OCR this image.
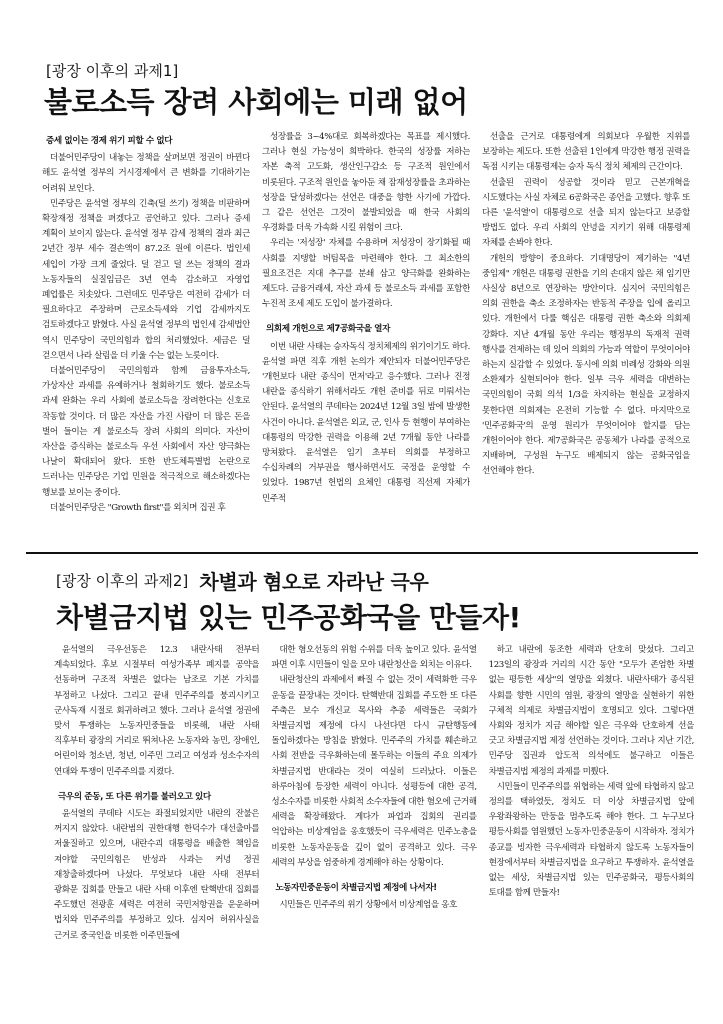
[광장 이후의 과제1]
불로소득 장려 사회에는 미래 없어
증세 없이는 경제 위기 피할 수 없다

더불어민주당이 내놓는 정책을 살펴보면 정권이 바뀐다 해도 윤석열 정부의 거시경제에서 큰 변화를 기대하기는 어려워 보인다.

민주당은 윤석열 정부의 긴축(덜 쓰기) 정책을 비판하며 확장재정 정책을 펴겠다고 공언하고 있다. 그러나 증세 계획이 보이지 않는다. 윤석열 정부 감세 정책의 결과 최근 2년간 정부 세수 결손액이 87.2조 원에 이른다. 법인세 세입이 가장 크게 줄었다. 덜 걷고 덜 쓰는 정책의 결과 노동자들의 실질임금은 3년 연속 감소하고 자영업 폐업률은 치솟았다. 그런데도 민주당은 여전히 감세가 더 필요하다고 주장하며 근로소득세와 기업 감세까지도 검토하겠다고 밝혔다. 사실 윤석열 정부의 법인세 감세법안 역시 민주당이 국민의힘과 합의 처리했었다. 세금은 덜 걷으면서 나라 살림을 더 키울 수는 없는 노릇이다.

더불어민주당이 국민의힘과 함께 금융투자소득, 가상자산 과세를 유예하거나 철회하기도 했다. 불로소득 과세 완화는 우리 사회에 불로소득을 장려한다는 신호로 작동할 것이다. 더 많은 자산을 가진 사람이 더 많은 돈을 벌어 들이는 게 불로소득 장려 사회의 의미다. 자산이 자산을 증식하는 불로소득 우선 사회에서 자산 양극화는 나날이 확대되어 왔다. 또한 반도체특별법 논란으로 드러나는 민주당은 기업 민원을 적극적으로 해소하겠다는 행보를 보이는 중이다.

더불어민주당은 "Growth first"를 외치며 집권 후

성장률을 3~4%대로 회복하겠다는 목표를 제시했다. 그러나 현실 가능성이 희박하다. 한국의 성장률 저하는 자본 축적 고도화, 생산인구감소 등 구조적 원인에서 비롯된다. 구조적 원인을 놓아둔 채 잠재성장률을 초과하는 성장을 달성하겠다는 선언은 대중을 향한 사기에 가깝다. 그 같은 선언은 그것이 불발되었을 때 한국 사회의 우경화를 더욱 가속화 시킬 위험이 크다.

우리는 '저성장' 자체를 수용하며 저성장이 장기화될 때 사회를 지탱할 버팀목을 마련해야 한다. 그 최소한의 필요조건은 지대 추구를 분쇄 삼고 양극화를 완화하는 제도다. 금융거래세, 자산 과세 등 불로소득 과세를 포함한 누진적 조세 제도 도입이 불가결하다.

의회제 개헌으로 제7공화국을 열자

이번 내란 사태는 승자독식 정치체제의 위기이기도 하다. 윤석열 파면 직후 개헌 논의가 제안되자 더불어민주당은 '개헌보다 내란 종식이 먼저'라고 응수했다. 그러나 진정 내란을 종식하기 위해서라도 개헌 준비를 뒤로 미뤄서는 안된다. 윤석열의 쿠데타는 2024년 12월 3일 밤에 발생한 사건이 아니다. 윤석열은 외교, 군, 인사 등 현행이 부여하는 대통령의 막강한 권력을 이용해 2년 7개월 동안 나라를 망쳐왔다. 윤석열은 임기 초부터 의회를 부정하고 수십차례의 거부권을 행사하면서도 국정을 운영할 수 있었다. 1987년 헌법의 요체인 대통령 직선제 자체가 민주적

선출을 근거로 대통령에게 의회보다 우월한 지위를 보장하는 제도다. 또한 선출된 1인에게 막강한 행정 권력을 독점 시키는 대통령제는 승자 독식 정치 체제의 근간이다.

선출된 권력이 성공할 것이라 믿고 근본개혁을 시도했다는 사실 자체로 6공화국은 종언을 고했다. 향후 또 다른 '윤석열'이 대통령으로 선출 되지 않는다고 보증할 방법도 없다. 우리 사회의 안녕을 지키기 위해 대통령제 자체를 손봐야 한다.

개헌의 방향이 중요하다. 기대명당이 제기하는 "4년 중임제" 개헌은 대통령 권한을 기의 손대지 않은 채 임기만 사실상 8년으로 연장하는 방안이다. 심지어 국민의힘은 의회 권한을 축소 조정하자는 반동적 주장을 입에 올리고 있다. 개헌에서 다룰 핵심은 대통령 권한 축소와 의회제 강화다. 지난 4개월 동안 우리는 행정부의 독재적 권력 행사를 견제하는 데 있어 의회의 가능과 역할이 무엇이어야 하는지 실감할 수 있었다. 동시에 의회 비례성 강화와 의원 소환제가 실현되어야 한다. 일부 극우 세력을 대변하는 국민의힘이 국회 의석 1/3을 차지하는 현실을 교정하지 못한다면 의회제는 온전히 기능할 수 없다. 마지막으로 '민주공화국'의 운영 원리가 무엇이어야 할지를 담는 개헌이어야 한다. 제7공화국은 공동체가 나라를 공적으로 지배하며, 구성원 누구도 배제되지 않는 공화국임을 선언해야 한다.

[광장 이후의 과제2] 차별과 혐오로 자라난 극우
차별금지법 있는 민주공화국을 만들자!

윤석열의 극우선동은 12.3 내란사태 전부터 계속되었다. 후보 시절부터 여성가족부 폐지를 공약을 선동하며 구조적 차별은 없다는 남조로 기본 가치를 부정하고 나섰다. 그리고 끝내 민주주의를 붕괴시키고 군사독재 시절로 회귀하려고 했다. 그러나 윤석열 정권에 맞서 투쟁하는 노동자민중들을 비롯해, 내란 사태 직후부터 광장의 거리로 뛰쳐나온 노동자와 농민, 장애인, 어린이와 청소년, 청년, 이주민 그리고 여성과 성소수자의 연대와 투쟁이 민주주의를 지켰다.

극우의 준동, 또 다른 위기를 불러오고 있다

윤석열의 쿠데타 시도는 좌절되었지만 내란의 잔불은 꺼지지 않았다. 내란범의 권한대행 한덕수가 대선출마를 저울질하고 있으며, 내란수괴 대통령을 배출한 책임을 져야할 국민의힘은 반성과 사과는 커녕 정권 재창출하겠다며 나섰다. 무엇보다 내란 사태 전부터 광화문 집회를 만들고 내란 사태 이후엔 탄핵반대 집회를 주도했던 전광훈 세력은 여전히 국민저항권을 운운하며 법치와 민주주의를 부정하고 있다. 심지어 허위사실을 근거로 중국인을 비롯한 이주민들에

대한 혐오선동의 위험 수위를 더욱 높이고 있다. 윤석열 파면 이후 시민들이 일을 모아 내란청산을 외치는 이유다.

내란청산의 과제에서 빠질 수 없는 것이 세력화한 극우 운동을 끝장내는 것이다. 탄핵반대 집회를 주도한 또 다른 주축은 보수 개신교 목사와 추종 세력들은 국회가 차별금지법 제정에 다시 나선다면 다시 규탄행동에 돌입하겠다는 방침을 밝혔다. 민주주의 가치를 훼손하고 사회 전반을 극우화하는데 몰두하는 이들의 주요 의제가 차별금지법 반대라는 것이 여실히 드러났다. 이들은 하루아침에 등장한 세력이 아니다. 성평등에 대한 공격, 성소수자를 비롯한 사회적 소수자들에 대한 혐오에 근거해 세력을 확장해왔다. 게다가 파업과 집회의 권리를 억압하는 비상계엄을 옹호했듯이 극우세력은 민주노총을 비롯한 노동자운동을 깊이 없이 공격하고 있다. 극우 세력의 부상을 엄중하게 경계해야 하는 상황이다.

노동자민중운동이 차별금지법 제정에 나서자!

시민들은 민주주의 위기 상황에서 비상계엄을 옹호

하고 내란에 동조한 세력과 단호히 맞섰다. 그리고 123일의 광장과 거리의 시간 동안 "모두가 존엄한 차별 없는 평등한 세상"의 열망을 외쳤다. 내란사태가 종식된 사회를 향한 시민의 염원, 광장의 열망을 실현하기 위한 구체적 의제로 차별금지법이 호명되고 있다. 그렇다면 사회와 정치가 지금 해야할 일은 극우와 단호하게 선을 긋고 차별금지법 제정 선언하는 것이다. 그러나 지난 기간, 민주당 집권과 압도적 의석에도 불구하고 이들은 차별금지법 제정의 과제를 미뤘다.

시민들이 민주주의를 위협하는 세력 앞에 타협하지 않고 정의를 택하였듯, 정치도 더 이상 차별금지법 앞에 우왕좌왕하는 만둥을 멈추도록 해야 한다. 그 누구보다 평등사회를 염원했던 노동자·민중운동이 시작하자. 정치가 종교를 빙자한 극우세력과 타협하지 않도록 노동자들이 현장에서부터 차별금지법을 요구하고 투쟁하자. 윤석열을 없는 세상, 차별금지법 있는 민주공화국, 평등사회의 토대를 함께 만들자!
